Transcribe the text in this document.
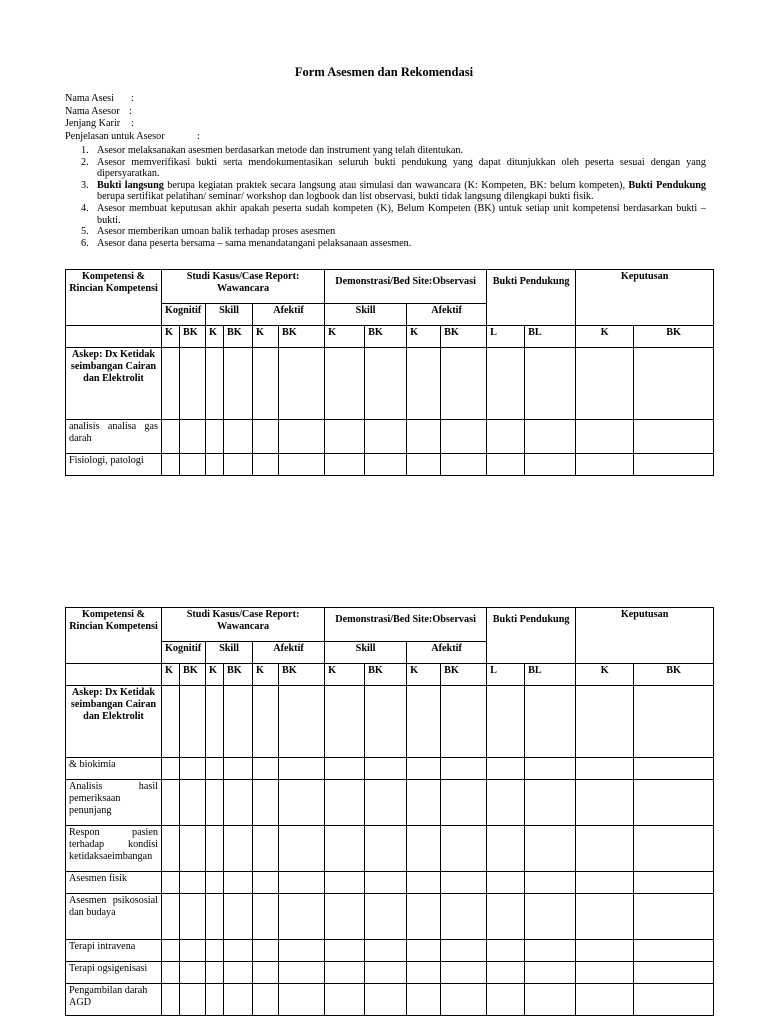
Form Asesmen dan Rekomendasi
Nama Asesi :
Nama Asesor :
Jenjang Karir :
Penjelasan untuk Asesor	:
1. Asesor melaksanakan asesmen berdasarkan metode dan instrument yang telah ditentukan.
2. Asesor memverifikasi bukti serta mendokumentasikan seluruh bukti pendukung yang dapat ditunjukkan oleh peserta sesuai dengan yang dipersyaratkan.
3. Bukti langsung berupa kegiatan praktek secara langsung atau simulasi dan wawancara (K: Kompeten, BK: belum kompeten), Bukti Pendukung berupa sertifikat pelatihan/ seminar/ workshop dan logbook dan list observasi, bukti tidak langsung dilengkapi bukti fisik.
4. Asesor membuat keputusan akhir apakah peserta sudah kompeten (K), Belum Kompeten (BK) untuk setiap unit kompetensi berdasarkan bukti – bukti.
5. Asesor memberikan umoan balik terhadap proses asesmen
6. Asesor dana peserta bersama – sama menandatangani pelaksanaan assesmen.
Kompetensi & Rincian Kompetensi	Studi Kasus/Case Report: Wawancara						Demonstrasi/Bed Site:Observasi				Bukti Pendukung		Keputusan	
	Kognitif		Skill		Afektif		Skill		Afektif					
	K	BK	K	BK	K	BK	K	BK	K	BK	L	BL	K	BK
Askep: Dx Ketidak seimbangan Cairan dan Elektrolit														
analisis analisa gas darah														
Fisiologi, patologi														
Kompetensi & Rincian Kompetensi	Studi Kasus/Case Report: Wawancara						Demonstrasi/Bed Site:Observasi				Bukti Pendukung		Keputusan	
	Kognitif		Skill		Afektif		Skill		Afektif					
	K	BK	K	BK	K	BK	K	BK	K	BK	L	BL	K	BK
Askep: Dx Ketidak seimbangan Cairan dan Elektrolit														
& biokimia														
Analisis hasil pemeriksaan penunjang														
Respon pasien terhadap kondisi ketidaksaeimbangan														
Asesmen fisik														
Asesmen psikososial dan budaya														
Terapi intravena														
Terapi ogsigenisasi														
Pengambilan darah AGD														
